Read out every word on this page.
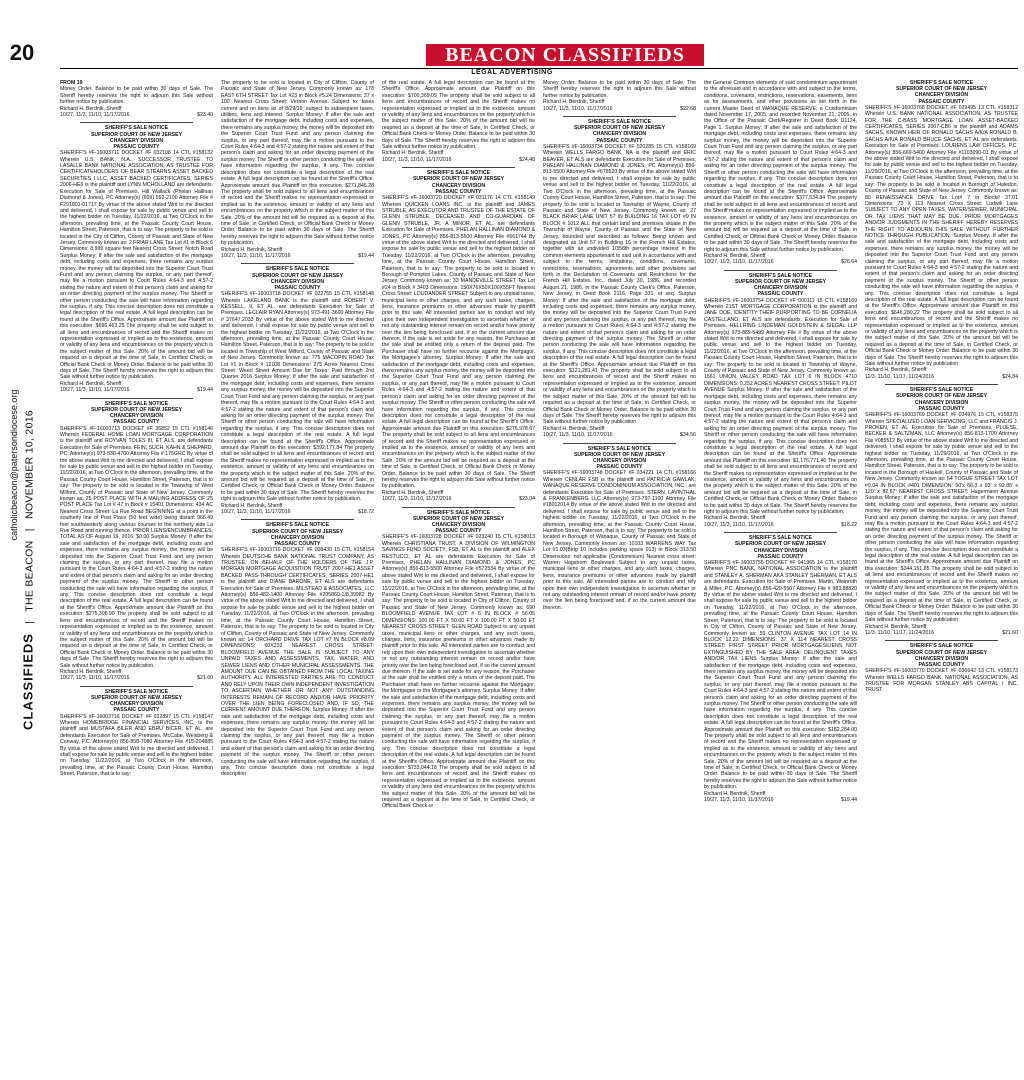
20
CLASSIFIEDS | THE BEACON | NOVEMBER 10, 2016
catholicbeacon@patersondiocese.org
BEACON CLASSIFIEDS
LEGAL ADVERTISING
FROM 19
Money Order. Balance to be paid within 30 days of Sale. The Sheriff hereby reserves the right to adjourn this Sale without further notice by publication.
Richard H. Berdnik, Sheriff
10/27, 11/3, 11/10, 11/17/2016	$23.40
SHERIFF'S SALE NOTICE
SUPERIOR COURT OF NEW JERSEY
CHANCERY DIVISION
PASSAIC COUNTY
SHERIFF'S #F-16003711 DOCKET #F 032108 14 CTL #158132 Wherein U.S. BANK, N.A., SUCCESSOR TRUSTEE TO LASALLE BANK NATIONAL ASSOCIATION, AS TRUSTEE FOR CERTIFICATEHOLDERS OF BEAR STEARNS ASSET BACKED SECURITIES I LLC, ASSET BACKED CERTIFICATES, SERIES 2006-HE6 is the plaintiff and LYNN MCHOLLAND are defendants. Execution for Sale of Premises. Hill Wallack (Phelan Hallinan Diamond & Jones), PC Attorney(s) (609) 592-2100 Attorney File # F291801-01717 By virtue of the above stated Writ to me directed and delivered, I shall expose for sale by public venue and sell to the highest bidder on Tuesday, 11/22/2016, at Two O'Clock in the afternoon, prevailing time, at the Passaic County Court House, Hamilton Street, Paterson, that is to say: The property to be sold is located in the City of Clifton, County of Passaic and State of New Jersey. Commonly known as: 2 FRIAR LANE Tax Lot #1 in Block 6 Dimensions: 8,999 square feet Nearest Cross Street: Notch Road Surplus Money: If after the sale and satisfaction of the mortgage debt, including costs and expenses, there remains any surplus money, the money will be deposited into the Superior Court Trust Fund and any person claiming the surplus, or any part thereof, may file a motion pursuant to Court Rules 4:64-3 and 4:57-2 stating the nature and extent of that person's claim and asking for an order directing payment of the surplus money. The Sheriff or other person conducting the sale will have information regarding the surplus, if any. This concise description does not constitute a legal description of the real estate. A full legal description can be found at the Sheriff's Office. Approximate amount due Plaintiff on this execution: $696,463.25 The property shall be sold subject to all liens and encumbrances of record and the Sheriff makes no representation expressed or implied as to the existence, amount or validity of any liens and encumbrances on the property which is the subject matter of this Sale. 20% of the amount bid will be required as a deposit at the time of Sale, in Certified Check, or Official Bank Check or Money Order. Balance to be paid within 30 days of Sale. The Sheriff hereby reserves the right to adjourn this Sale without further notice by publication.
Richard H. Berdnik, Sheriff
10/27, 11/3, 11/10, 11/17/2016	$19.44
SHERIFF'S SALE NOTICE
SUPERIOR COURT OF NEW JERSEY
CHANCERY DIVISION
PASSAIC COUNTY
SHERIFF'S #F-16003713 DOCKET #F 36852 15 CTL #158146 Wherein FEDERAL HOME LOAN MORTGAGE CORPORATION is the plaintiff and ROYVAN TOLES III, ET ALS. are defendants Execution for Sale of Premises. FEIN, SUCH, KAHN & SHEPARD, PC. Attorney(s) 973-538-4700 Attorney File # 175GRC By virtue of the above stated Writ to me directed and delivered, I shall expose for sale by public venue and sell to the highest bidder on Tuesday, 11/22/2016, at Two O'Clock in the afternoon, prevailing time, at the Passaic County Court House, Hamilton Street, Paterson, that is to say: The property to be sold is located in the Township of West Milford, County of Passaic and State of New Jersey. Commonly known as: 25 POST PLACE WITH A MAILING ADDRESS OF 25 POST PLACE Tax Lot # 47 in Block # 15401 Dimensions: 434 AC Nearest Cross Street: La Rue Road BEGINNING at a point in the southerly line of Post Place (50 feet wide) being distant 966.49 feet southwesterly along various courses to the northerly side La Rue Road and running thence. PRIOR LIENS/ENCUMBRANCES: TOTAL AS OF August 19, 2016: $0.00 Surplus Money: If after the sale and satisfaction of the mortgage debt, including costs and expenses, there remains any surplus money, the money will be deposited into the Superior Court Trust Fund and any person claiming the surplus, or any part thereof, may file a motion pursuant to the Court Rules 4:64-3 and 4:57-2 stating the nature and extent of that person's claim and asking for an order directing payment of the surplus money. The Sheriff or other person conducting the sale will have information regarding the surplus, if any. This concise description does not constitute a legal description of the real estate. A full legal description can be found at the Sheriff's Office. Approximate amount due Plaintiff on this execution: $275,396.90 The property shall be sold subject to all liens and encumbrances of record and the Sheriff makes no representation expressed or implied as to the existence, amount or validity of any liens and encumbrances on the property which is the subject matter of this Sale. 20% of the amount bid will be required as a deposit at the time of Sale, in Certified Check, or Official Bank Check or Money Order. Balance to be paid within 30 days of Sale. The Sheriff hereby reserves the right to adjourn this Sale without further notice by publication.
Richard H. Berdnik, Sheriff
10/27, 11/3, 11/10, 11/17/2016	$21.60
SHERIFF'S SALE NOTICE
SUPERIOR COURT OF NEW JERSEY
CHANCERY DIVISION
PASSAIC COUNTY
SHERIFF'S #F-16003716 DOCKET #F 022897 15 CTL #158147 Wherein HOMEBRIDGE FINANCIAL SERVICES, INC. is the plaintiff and MUSTAFA BILER AND EBRU BICER, ET AL. are defendants Execution for Sale of Premises. McCabe, Weisberg & Conway, P.C. Attorney(s) 856-858-7080 Attorney File #15-204885 By virtue of the above stated Writ to me directed and delivered, I shall expose for sale by public venue and sell to the highest bidder on Tuesday, 11/22/2016, at Two O'Clock in the afternoon, prevailing time, at the Passaic County Court House, Hamilton Street, Paterson, that is to say:
The property to be sold is located in City of Clifton, County of Passaic and State of New Jersey. Commonly known as: 178 EAST 6TH STREET Tax Lot #23 in Block #5.24 Dimensions: 37 x 100' Nearest Cross Street: Vernon Avenue. Subject to: taxes current and no liens as of 8/29/16; subject to subsequent taxes, utilities, liens and interest. Surplus Money: If after the sale and satisfaction of the mortgage debt, including costs and expenses, there remains any surplus money, the money will be deposited into the Superior Court Trust Fund and any person claiming the surplus, or any part thereof, may file a motion pursuant to the Court Rules 4:64-3 and 4:57-2 stating the nature and extent of that person's claim and asking for an order directing payment of the surplus money. The Sheriff or other person conducting the sale will have information regarding the surplus, if any. This concise description does not constitute a legal description of the real estate. A full legal description can be found at the Sheriff's Office. Approximate amount due Plaintiff on this execution: $271,846.28 The property shall be sold subject to all liens and encumbrances of record and the Sheriff makes no representation expressed or implied as to the existence, amount or validity of any liens and encumbrances on the property which is the subject matter of this Sale. 20% of the amount bid will be required as a deposit at the time of Sale, in Certified Check, or Official Bank Check or Money Order. Balance to be paid within 30 days of Sale. The Sheriff hereby reserves the right to adjourn this Sale without further notice by publication.
Richard H. Berdnik, Sheriff
10/27, 11/3, 11/10, 11/17/2016	$19.44
SHERIFF'S SALE NOTICE
SUPERIOR COURT OF NEW JERSEY
CHANCERY DIVISION
PASSAIC COUNTY
SHERIFF'S #F-16003718 DOCKET #F 022755 15 CTL #158148 Wherein LAKELAND BANK is the plaintiff and ROBERT V. KESSELL, II, ET AL. are defendants Execution for Sale of Premises. LECLAIR RYAN Attorney(s) 973-491-3600 Attorney File # 37647.2033 By virtue of the above stated Writ to me directed and delivered, I shall expose for sale by public venue and sell to the highest bidder on Tuesday, 11/22/2016, at Two O'Clock in the afternoon, prevailing time, at the Passaic County Court House, Hamilton Street, Paterson, that is to say: The property to be sold is located in Township of West Milford, County of Passaic and State of New Jersey. Commonly known as: 775 MACOPIN ROAD Tax Lot #1 in Block # 12108 Dimensions: 275 Acres Nearest Cross Street: Weed Street Amount Due for Taxes: Paid through 2nd Quarter 2016 Surplus Money: If after the sale and satisfaction of the mortgage debt, including costs and expenses, there remains any surplus money, the money will be deposited into the Superior Court Trust Fund and any person claiming the surplus, or any part thereof, may file a motion pursuant to the Court Rules 4:64-3 and 4:57-2 stating the nature and extent of that person's claim and asking for an order directing payment of the surplus money. The Sheriff or other person conducting the sale will have information regarding the surplus, if any. This concise description does not constitute a legal description of the real estate. A full legal description can be found at the Sheriff's Office. Approximate amount due Plaintiff on this execution: $392,177.84 The property shall be sold subject to all liens and encumbrances of record and the Sheriff makes no representation expressed or implied as to the existence, amount or validity of any liens and encumbrances on the property which is the subject matter of this Sale. 20% of the amount bid will be required as a deposit at the time of Sale, in Certified Check, or Official Bank Check or Money Order. Balance to be paid within 30 days of Sale. The Sheriff hereby reserves the right to adjourn this Sale without further notice by publication.
Richard H. Berdnik, Sheriff
10/27, 11/3, 11/10, 11/17/2016	$18.72
SHERIFF'S SALE NOTICE
SUPERIOR COURT OF NEW JERSEY
CHANCERY DIVISION
PASSAIC COUNTY
SHERIFF'S #F-16003719 DOCKET #F 008430 15 CTL #158154 Wherein DEUTSCHE BANK NATIONAL TRUST COMPANY, AS TRUSTEE, ON BEHALF OF THE HOLDERS OF THE J.P. MORGAN MORTGAGE ACQUISITION TRUST 2007-HE1 ASSET BACKED PASS-THROUGH CERTIFICATES, SERIES 2007-HE1 is the plaintiff and DIANE BARONE, ET ALS are defendants Execution for Sale of Premises. MILSTEAD & ASSOCIATES, LLC Attorney(s) 856-482-1400 Attorney File #205860-1/8,39982 By virtue of the above stated Writ to me directed and delivered, I shall expose for sale by public venue and sell to the highest bidder on Tuesday, 11/22/2016, at Two O'Clock in the afternoon, prevailing time, at the Passaic County Court House, Hamilton Street, Paterson, that is to say: The property to be sold is located in City of Clifton, County of Passaic and State of New Jersey. Commonly known as: 14 ORCHARD DRIVE TAX LOT #7 IN BLOCK #8.09 DIMENSIONS: 60X232 NEAREST CROSS STREET: BLOOMFIELD AVENUE THE SALE IS SUBJECT TO ANY UNPAID TAXES AND ASSESSMENTS, TAX, WATER, AND SEWER LIENS AND OTHER MUNICIPAL ASSESSMENTS. THE AMOUNT DUE CAN BE OBTAINED FROM THE LOCAL TAXING AUTHORITY. ALL INTERESTED PARTIES ARE TO CONDUCT AND RELY UPON THEIR OWN INDEPENDENT INVESTIGATION TO ASCERTAIN WHETHER OR NOT ANY OUTSTANDING INTERESTS REMAIN OF RECORD AND/OR HAVE PRIORITY OVER THE LIEN BEING FORECLOSED AND, IF SO, THE CURRENT AMOUNT DUE THEREON. Surplus Money: If after the sale and satisfaction of the mortgage debt, including costs and expenses, there remains any surplus money, the money will be deposited into the Superior Court Trust Fund and any person claiming the surplus, or any part thereof, may file a motion pursuant to the Court Rules 4:64-3 and 4:57-2 stating the nature and extent of that person's claim and asking for an order directing payment of the surplus money. The Sheriff or other person conducting the sale will have information regarding the surplus, if any. This concise description does not constitute a legal description
of the real estate. A full legal description can be found at the Sheriff's Office. Approximate amount due Plaintiff on this execution: $700,369.09 The property shall be sold subject to all liens and encumbrances of record and the Sheriff makes no representation expressed or implied as to the existence, amount or validity of any liens and encumbrances on the property which is the subject matter of this Sale. 20% of the amount bid will be required as a deposit at the time of Sale, in Certified Check, or Official Bank Check or Money Order. Balance to be paid within 30 days of Sale. The Sheriff hereby reserves the right to adjourn this Sale without further notice by publication.
Richard H. Berdnik, Sheriff
10/27, 11/3, 11/10, 11/17/2016	$24.48
SHERIFF'S SALE NOTICE
SUPERIOR COURT OF NEW JERSEY
CHANCERY DIVISION
PASSAIC COUNTY
SHERIFF'S #F-16003720 DOCKET #F 031176 14 CTL #158149 Wherein QUICKEN LOANS INC. is the plaintiff and JAMES STRUBLE, AS EXECUTOR AND TRUSTEE OF THE ESTATE OF GLENN STRUBLE, DECEASED AND CO-GUARDIAN OF GLENN STRUBLE, JR. A MINOR, ET AL. are defendants Execution for Sale of Premises. PHELAN HALLINAN DIAMOND & JONES, PC Attorney(s) 856-813-5500 Attorney File #661744 By virtue of the above stated Writ to me directed and delivered, I shall expose for sale by public venue and sell to the highest bidder on Tuesday, 11/22/2016, at Two O'Clock in the afternoon, prevailing time, at the Passaic County Court House, Hamilton Street, Paterson, that is to say: The property to be sold is located in Borough of Pompton Lakes, County of Passaic and State of New Jersey. Commonly known as: 33 MANDEVILLE STREET Tax Lot #24 in Block # 3403 Dimensions: 150X76X50X100X55FT Nearest Cross Street: LOUDANDER STREET Subject to any unpaid taxes, municipal liens or other charges, and any such taxes, charges, liens, insurance premiums or other advances made by plaintiff prior to this sale. All interested parties are to conduct and rely upon their own independent investigation to ascertain whether or not any outstanding interest remain on record and/or have priority over the lien being foreclosed and, if so the current amount due thereon. If the sale is set aside for any reason, the Purchaser at the sale shall be entitled only a return of the deposit paid. The Purchaser shall have no further recourse against the Mortgagor, the Mortgagee's attorney. Surplus Money: If after the sale and satisfaction of the mortgage debt, including costs and expenses, there remains any surplus money, the money will be deposited into the Superior Court Trust Fund and any person claiming the surplus, or any part thereof, may file a motion pursuant to Court Rules 4:64-3 and 4:57-2 stating the nature and extent of that person's claim and asking for an order directing payment of the surplus money. The Sheriff or other person conducting the sale will have information regarding the surplus, if any. This concise description does not constitute a legal description of the real estate. A full legal description can be found at the Sheriff's Office. Approximate amount due Plaintiff on this execution: $276,978.67 The property shall be sold subject to all liens and encumbrances of record and the Sheriff makes no representation expressed or implied as to the existence, amount or validity of any liens and encumbrances on the property which is the subject matter of this Sale. 20% of the amount bid will be required as a deposit at the time of Sale, in Certified Check, or Official Bank Check or Money Order. Balance to be paid within 30 days of Sale. The Sheriff hereby reserves the right to adjourn this Sale without further notice by publication.
Richard H. Berdnik, Sheriff
10/27, 11/3, 11/10, 11/17/2016	$23.04
SHERIFF'S SALE NOTICE
SUPERIOR COURT OF NEW JERSEY
CHANCERY DIVISION
PASSAIC COUNTY
SHERIFF'S #F-16003728 DOCKET #F 023240 15 CTL #158013 Wherein CHRISTIANA TRUST, A DIVISION OF WILMINGTON SAVINGS FUND SOCIETY, FSB, ET AL is the plaintiff and ALEX RESTUCCI, ET AL are defendants Execution for Sale of Premises. PHELAN HALLINAN DIAMOND & JONES, PC Attorney(s) 856-813-5500 Attorney File #572534 By virtue of the above stated Writ to me directed and delivered, I shall expose for sale by public venue and sell to the highest bidder on Tuesday, 11/22/2016, at Two O'Clock in the afternoon, prevailing time, at the Passaic County Court House, Hamilton Street, Paterson, that is to say: The property to be sold is located in City of Clifton, County of Passaic and State of New Jersey. Commonly known as: 690 BLOOMFIELD AVENUE TAX LOT # 6 IN BLOCK # 56.05 DIMENSIONS: 100.00 FT X 50.00 FT X 100.00 FT X 50.00 FT NEAREST CROSS STREET: GLEN ROAD Subject to any unpaid taxes, municipal liens or other charges, and any such taxes, charges, liens, insurance premiums or other advances made by plaintiff prior to this sale. All interested parties are to conduct and rely upon their own independent investigation to ascertain whether or not any outstanding interest remain on record and/or have priority over the lien being foreclosed and, if so the current amount due thereon. If the sale is set aside for any reason, the Purchaser at the sale shall be entitled only a return of the deposit paid. The Purchaser shall have no further recourse against the Mortgagor, the Mortgagee or the Mortgagee's attorney. Surplus Money: If after the sale and satisfaction of the mortgage debt, including costs and expenses, there remains any surplus money, the money will be deposited into the Superior Court Trust Fund and any person claiming the surplus, or any part thereof, may file a motion pursuant to Court Rules 4:64-3 and 4:57-2 stating the nature and extent of that person's claim and asking for an order directing payment of the surplus money. The Sheriff or other person conducting the sale will have information regarding the surplus, if any. This concise description does not constitute a legal description of the real estate. A full legal description can be found at the Sheriff's Office. Approximate amount due Plaintiff on this execution: $733,044.18 The property shall be sold subject to all liens and encumbrances of record and the Sheriff makes no representation expressed or implied as to the existence, amount or validity of any liens and encumbrances on the property which is the subject matter of this Sale. 20% of the amount bid will be required as a deposit at the time of Sale, in Certified Check, or Official Bank Check or
Money Order. Balance to be paid within 30 days of Sale. The Sheriff hereby reserves the right to adjourn this Sale without further notice by publication.
Richard H. Berdnik, Sheriff
10/27, 11/3, 11/10, 11/17/2016	$22.68
SHERIFF'S SALE NOTICE
SUPERIOR COURT OF NEW JERSEY
CHANCERY DIVISION
PASSAIC COUNTY
SHERIFF'S #F-16003734 DOCKET #F 020285 15 CTL #158169 Wherein WELLS FARGO BANK, NA is the plaintiff and ERIC BEAVER, ET ALS are defendants Execution for Sale of Premises. PHELAN HALLINAN DIAMOND & JONES, PC Attorney(s) 856-813-5500 Attorney File #678520 By virtue of the above stated Writ to me directed and delivered, I shall expose for sale by public venue and sell to the highest bidder on Tuesday, 11/22/2016, at Two O'Clock in the afternoon, prevailing time, at the Passaic County Court House, Hamilton Street, Paterson, that is to say: The property to be sold is located in Township of Wayne, County of Passaic and State of New Jersey. Commonly known as: 27 BLACK BRIAR LANE UNIT 57 IN BUILDING 16 TAX LOT #9 IN BLOCK # 1012 ALL that certain land and premises situate in the Township of Wayne, County of Passaic and the State of New Jersey, bounded and described as follows: Being known and designated as Unit 57 in Building 16 in the French Hill Estates, together with an undivided 1/358th percentage interest in the common elements appurtenant to said unit in accordance with and subject to the terms, limitations, conditions, covenants, restrictions, reservations, agreements and other provisions set forth in the Declaration of Covenants and Restrictions for the French Hill Estates, Inc., dated July 30, 1986, and recorded August 21, 1986, in the Passaic County Clerk's Office, Paterson, New Jersey, in Deed Book 2116, Page 331, et seq. Surplus Money: If after the sale and satisfaction of the mortgage debt, including costs and expenses, there remains any surplus money, the money will be deposited into the Superior Court Trust Fund and any person claiming the surplus, or any part thereof, may file a motion pursuant to Court Rules 4:64-3 and 4:57-2 stating the nature and extent of that person's claim and asking for an order directing payment of the surplus money. The Sheriff or other person conducting the sale will have information regarding the surplus, if any. This concise description does not constitute a legal description of the real estate. A full legal description can be found at the Sheriff's Office. Approximate amount due Plaintiff on this execution: $121,281.41 The property shall be sold subject to all liens and encumbrances of record and the Sheriff makes no representation expressed or implied as to the existence, amount or validity of any liens and encumbrances on the property which is the subject matter of this Sale. 20% of the amount bid will be required as a deposit at the time of Sale, in Certified Check, or Official Bank Check or Money Order. Balance to be paid within 30 days of Sale. The Sheriff hereby reserves the right to adjourn this Sale without further notice by publication.
Richard H. Berdnik, Sheriff
10/27, 11/3, 11/10, 11/17/2016	$34.56
SHERIFF'S SALE NOTICE
SUPERIOR COURT OF NEW JERSEY
CHANCERY DIVISION
PASSAIC COUNTY
SHERIFF'S #F-16003748 DOCKET #F 034221 14 CTL #158166 Wherein CENLAR FSB is the plaintiff and PATRICIA GAWLAK; WANAQUE RESERVE CONDOMINIUM ASSOCIATION, INC.; are defendants Execution for Sale of Premises. STERN, LAVINTHAL & FRANKENBERG LLC Attorney(s) 973-797-1100 Attorney File #18012014 By virtue of the above stated Writ to me directed and delivered, I shall expose for sale by public venue and sell to the highest bidder on Tuesday, 11/22/2016, at Two O'Clock in the afternoon, prevailing time, at the Passaic County Court House, Hamilton Street, Paterson, that is to say: The property to be sold is located in Borough of Wanaque, County of Passaic and State of New Jersey. Commonly known as: 10103 WARRENS WAY Tax Lot #1.03(Bldg 10 includes parking space 013) in Block 313.50 Dimensions: not applicable (Condominium) Nearest cross street: Warren Hagstrom Boulevard Subject to any unpaid taxes, municipal liens or other charges, and any such taxes, charges, liens, insurance premiums or other advances made by plaintiff prior to this sale. All interested parties are to conduct and rely upon their own independent investigation to ascertain whether or not any outstanding interest remain of record and/or have priority over the lien being foreclosed and, if so the current amount due thereon.
the General Common elements of said condominium appurtenant to the aforesaid unit in accordance with and subject to the terms, conditions, covenants, restrictions, reservations, easements, liens as for assessments, and other provisions as set forth in the current Master Deed of WANAQUE RESERVE, a Condominium dated November 17, 2005, and recorded November 21, 2005, in the Office of the Passaic Clerk/Register in Deed Book D1124, Page 1. Surplus Money: If after the sale and satisfaction of the mortgage debt, including costs and expenses, there remains any surplus money, the money will be deposited into the Superior Court Trust Fund and any person claiming the surplus, or any part thereof, may file a motion pursuant to Court Rules 4:64-3 and 4:57-2 stating the nature and extent of that person's claim and asking for an order directing payment of the surplus money. The Sheriff or other person conducting the sale will have information regarding the surplus, if any. This concise description does not constitute a legal description of the real estate. A full legal description can be found at the Sheriff's Office. Approximate amount due Plaintiff on this execution: $377,534.84 The property shall be sold subject to all liens and encumbrances of record and the Sheriff makes no representation expressed or implied as to the existence, amount or validity of any liens and encumbrances on the property which is the subject matter of this Sale. 20% of the amount bid will be required as a deposit at the time of Sale, in Certified Check, or Official Bank Check or Money Order. Balance to be paid within 30 days of Sale. The Sheriff hereby reserves the right to adjourn this Sale without further notice by publication.
Richard H. Berdnik, Sheriff
10/27, 11/3, 11/10, 11/17/2016	$26.64
SHERIFF'S SALE NOTICE
SUPERIOR COURT OF NEW JERSEY
CHANCERY DIVISION
PASSAIC COUNTY
SHERIFF'S #F-16003754 DOCKET #F 000111 15 CTL #158169 Wherein 21ST MORTGAGE CORPORATION is the plaintiff and JANE DOE, IDENTITY THEIF PURPORTING TO BE CORNELIA CASTELLANO, ET ALS are defendants. Execution for Sale of Premises. HELLRING LINDEMAN GOLDSTEIN & SIEGAL LLP Attorney(s) 973-889-5499 Attorney File # By virtue of the above stated Writ to me directed and delivered, I shall expose for sale by public venue and sell to the highest bidder on Tuesday, 11/22/2016, at Two O'Clock in the afternoon, prevailing time, at the Passaic County Court House, Hamilton Street, Paterson, that is to say: The property to be sold is located in Township of Wayne, County of Passaic and State of New Jersey. Commonly known as: 1561 UNION VALLEY ROAD TAX LOT 6 IN BLOCK 4710 DIMENSIONS: 0.252 ACRES NEAREST CROSS STREET: PILOT AVENUE Surplus Money: If after the sale and satisfaction of the mortgage debt, including costs and expenses, there remains any surplus money, the money will be deposited into the Superior Court Trust Fund and any person claiming the surplus, or any part thereof, may file a motion pursuant to the Court Rules 4:64-3 and 4:57-2 stating the nature and extent of that person's claim and asking for an order directing payment of the surplus money. The Sheriff or other person conducting the sale will have information regarding the surplus, if any. This concise description does not constitute a legal description of the real estate. A full legal description can be found at the Sheriff's Office. Approximate amount due Plaintiff on this execution: $1,176,771.40 The property shall be sold subject to all liens and encumbrances of record and the Sheriff makes no representation expressed or implied as to the existence, amount or validity of any liens and encumbrances on the property which is the subject matter of this Sale. 20% of the amount bid will be required as a deposit at the time of Sale, in Certified Check, or Official Bank Check or Money Order. Balance to be paid within 30 days of Sale. The Sheriff hereby reserves the right to adjourn this Sale without further notice by publication.
Richard H. Berdnik, Sheriff
10/27, 11/3, 11/10, 11/17/2016	$18.22
SHERIFF'S SALE NOTICE
SUPERIOR COURT OF NEW JERSEY
CHANCERY DIVISION
PASSAIC COUNTY
SHERIFF'S #F-16003755 DOCKET #F 041965 14 CTL #158170 Wherein PNC BANK, NATIONAL ASSOCIATION is the plaintiff and STANLEY A. SHERMAN AKA STANLEY SHERMAN, ET ALS are defendants. Execution for Sale of Premises. Martin, Weinroth & Miller, P.C. Attorney(s) 856-429-5507 Attorney File # 983.88820 By virtue of the above stated Writ to me directed and delivered, I shall expose for sale by public venue and sell to the highest bidder on Tuesday, 11/22/2016, at Two O'Clock in the afternoon, prevailing time, at the Passaic County Court House, Hamilton Street, Paterson, that is to say: The property to be sold is located in City of Clifton, County of Passaic and State of New Jersey. Commonly known as: 59 CLINTON AVENUE TAX LOT 14 IN BLOCK 12.22 DIMENSIONS: 37 X 114 NEAREST CROSS STREET: FIRST STREET PRIOR MORTGAGES/LIENS NOT EXTINGUISHED BY THE SALE AREA: DELINQUENT TAXES AND/OR TAX LIENS Surplus Money: If after the sale and satisfaction of the mortgage debt, including costs and expenses, there remains any surplus money, the money will be deposited into the Superior Court Trust Fund and any person claiming the surplus, or any part thereof, may file a motion pursuant to the Court Rules 4:64-3 and 4:57-2 stating the nature and extent of that person's claim and asking for an order directing payment of the surplus money. The Sheriff or other person conducting the sale will have information regarding the surplus, if any. This concise description does not constitute a legal description of the real estate. A full legal description can be found at the Sheriff's Office. Approximate amount due Plaintiff on this execution: $182,284.00 The property shall be sold subject to all liens and encumbrances of record and the Sheriff makes no representation expressed or implied as to the existence, amount or validity of any liens and encumbrances on the property which is the subject matter of this Sale. 20% of the amount bid will be required as a deposit at the time of Sale, in Certified Check, or Official Bank Check or Money Order. Balance to be paid within 30 days of Sale. The Sheriff hereby reserves the right to adjourn this Sale without further notice by publication.
Richard H. Berdnik, Sheriff
10/27, 11/3, 11/10, 11/17/2016	$19.44
SHERIFF'S SALE NOTICE
SUPERIOR COURT OF NEW JERSEY
CHANCERY DIVISION
PASSAIC COUNTY
SHERIFF'S #F-16003768 DOCKET #F 029495 13 CTL #158312 Wherein U.S. BANK NATIONAL ASSOCIATION, AS TRUSTEE FOR THE C-BASS MORTGAGE LOAN ASSET-BACKED CERTIFICATES, SERIES 2007-CB6 is the plaintiff and ADAMS SACHS, KNOWN HEIR OF RONALD SACHS A/K/A RONALD B. SACHS A/K/A RONALD BRUCE SACHS, ET AL are defendants. Execution for Sale of Premises. LOURENS LAW OFFICES, P.C. Attorney(s) 856-669-5400 Attorney File #1103090-01 By virtue of the above stated Writ to me directed and delivered, I shall expose for sale by public venue and sell to the highest bidder on Tuesday, 11/29/2016, at Two O'Clock in the afternoon, prevailing time, at the Passaic County Court House, Hamilton Street, Paterson, that is to say: The property to be sold is located in Borough of Haledon, County of Passaic and State of New Jersey. Commonly known as: 80 RENAISSANCE DRIVE Tax Lot# 7 in Block# 37.01 Dimensions: 73 X 113 Nearest Cross Street: Ludwik Lane SUBJECT TO ANY OPEN TAXES, WATER/SEWER, MUNICIPAL OR TAX LIENS THAT MAY BE DUE. PRIOR MORTGAGES AND/OR JUDGMENTS IN THE SHERIFF HEREBY RESERVES THE RIGHT TO ADJOURN THIS SALE WITHOUT FURTHER NOTICE THROUGH PUBLICATION. Surplus Money: If after the sale and satisfaction of the mortgage debt, including costs and expenses, there remains any surplus money, the money will be deposited into the Superior Court Trust Fund and any person claiming the surplus, or any part thereof, may file a motion pursuant to Court Rules 4:64-3 and 4:57-2 stating the nature and extent of that person's claim and asking for an order directing payment of the surplus money. The Sheriff or other person conducting the sale will have information regarding the surplus, if any. This concise description does not constitute a legal description of the real estate. A full legal description can be found at the Sheriff's Office. Approximate amount due Plaintiff on this execution: $646,280.22 The property shall be sold subject to all liens and encumbrances of record and the Sheriff makes no representation expressed or implied as to the existence, amount or validity of any liens and encumbrances on the property which is the subject matter of this Sale. 20% of the amount bid will be required as a deposit at the time of Sale, in Certified Check, or Official Bank Check or Money Order. Balance to be paid within 30 days of Sale. The Sheriff hereby reserves the right to adjourn this Sale without further notice by publication.
Richard H. Berdnik, Sheriff
11/3, 11/10, 11/17, 11/24/2016	$24.84
SHERIFF'S SALE NOTICE
SUPERIOR COURT OF NEW JERSEY
CHANCERY DIVISION
PASSAIC COUNTY
SHERIFF'S #F-16003769 DOCKET #F 034976 15 CTL #158375 Wherein SPECIALIZED LOAN SERVICING, LLC and FRANCIS J. PROKEN, ET AL Execution for Sale of Premises. PLUESE, BECKER & SALTZMAN, LLC Attorney(s) 856-813-1700 Attorney File #085512 By virtue of the above stated Writ to me directed and delivered, I shall expose for sale by public venue and sell to the highest bidder on Tuesday, 11/29/2016, at Two O'Clock in the afternoon, prevailing time, at the Passaic County Court House, Hamilton Street, Paterson, that is to say: The property to be sold is located in the Borough of Haskell, County of Passaic and State of New Jersey. Commonly known as: 54 TOGUE STREET TAX LOT #9.04 IN BLOCK #401 DIMENSION: 50'x 66.3 x 93' x 92.85' x 120' x 82.67' NEAREST CROSS STREET: Hagermann Avenue Surplus Money: If after the sale and satisfaction of the mortgage debt, including costs and expenses, there remains any surplus money, the money will be deposited into the Superior Court Trust Fund and any person claiming the surplus, or any part thereof, may file a motion pursuant to the Court Rules 4:64-3 and 4:57-2 stating the nature and extent of that person's claim and asking for an order directing payment of the surplus money. The Sheriff or other person conducting the sale will have information regarding the surplus, if any. This concise description does not constitute a legal description of the real estate. A full legal description can be found at the Sheriff's Office. Approximate amount due Plaintiff on this execution: $344,151.85 The property shall be sold subject to all liens and encumbrances of record and the Sheriff makes no representation expressed or implied as to the existence, amount or validity of any liens and encumbrances on the property which is the subject matter of this Sale. 20% of the amount bid will be required as a deposit at the time of Sale, in Certified Check, or Official Bank Check or Money Order. Balance to be paid within 30 days of Sale. The Sheriff hereby reserves the right to adjourn this Sale without further notice by publication.
Richard H. Berdnik, Sheriff
11/3, 11/10, 11/17, 11/24/2016	$21.60
SHERIFF'S SALE NOTICE
SUPERIOR COURT OF NEW JERSEY
CHANCERY DIVISION
PASSAIC COUNTY
SHERIFF'S #F-16003770 DOCKET #F 036642 13 CTL #158173 Wherein WELLS FARGO BANK, NATIONAL ASSOCIATION, AS TRUSTEE FOR MORGAN STANLEY ABS CAPITAL I INC. TRUST
